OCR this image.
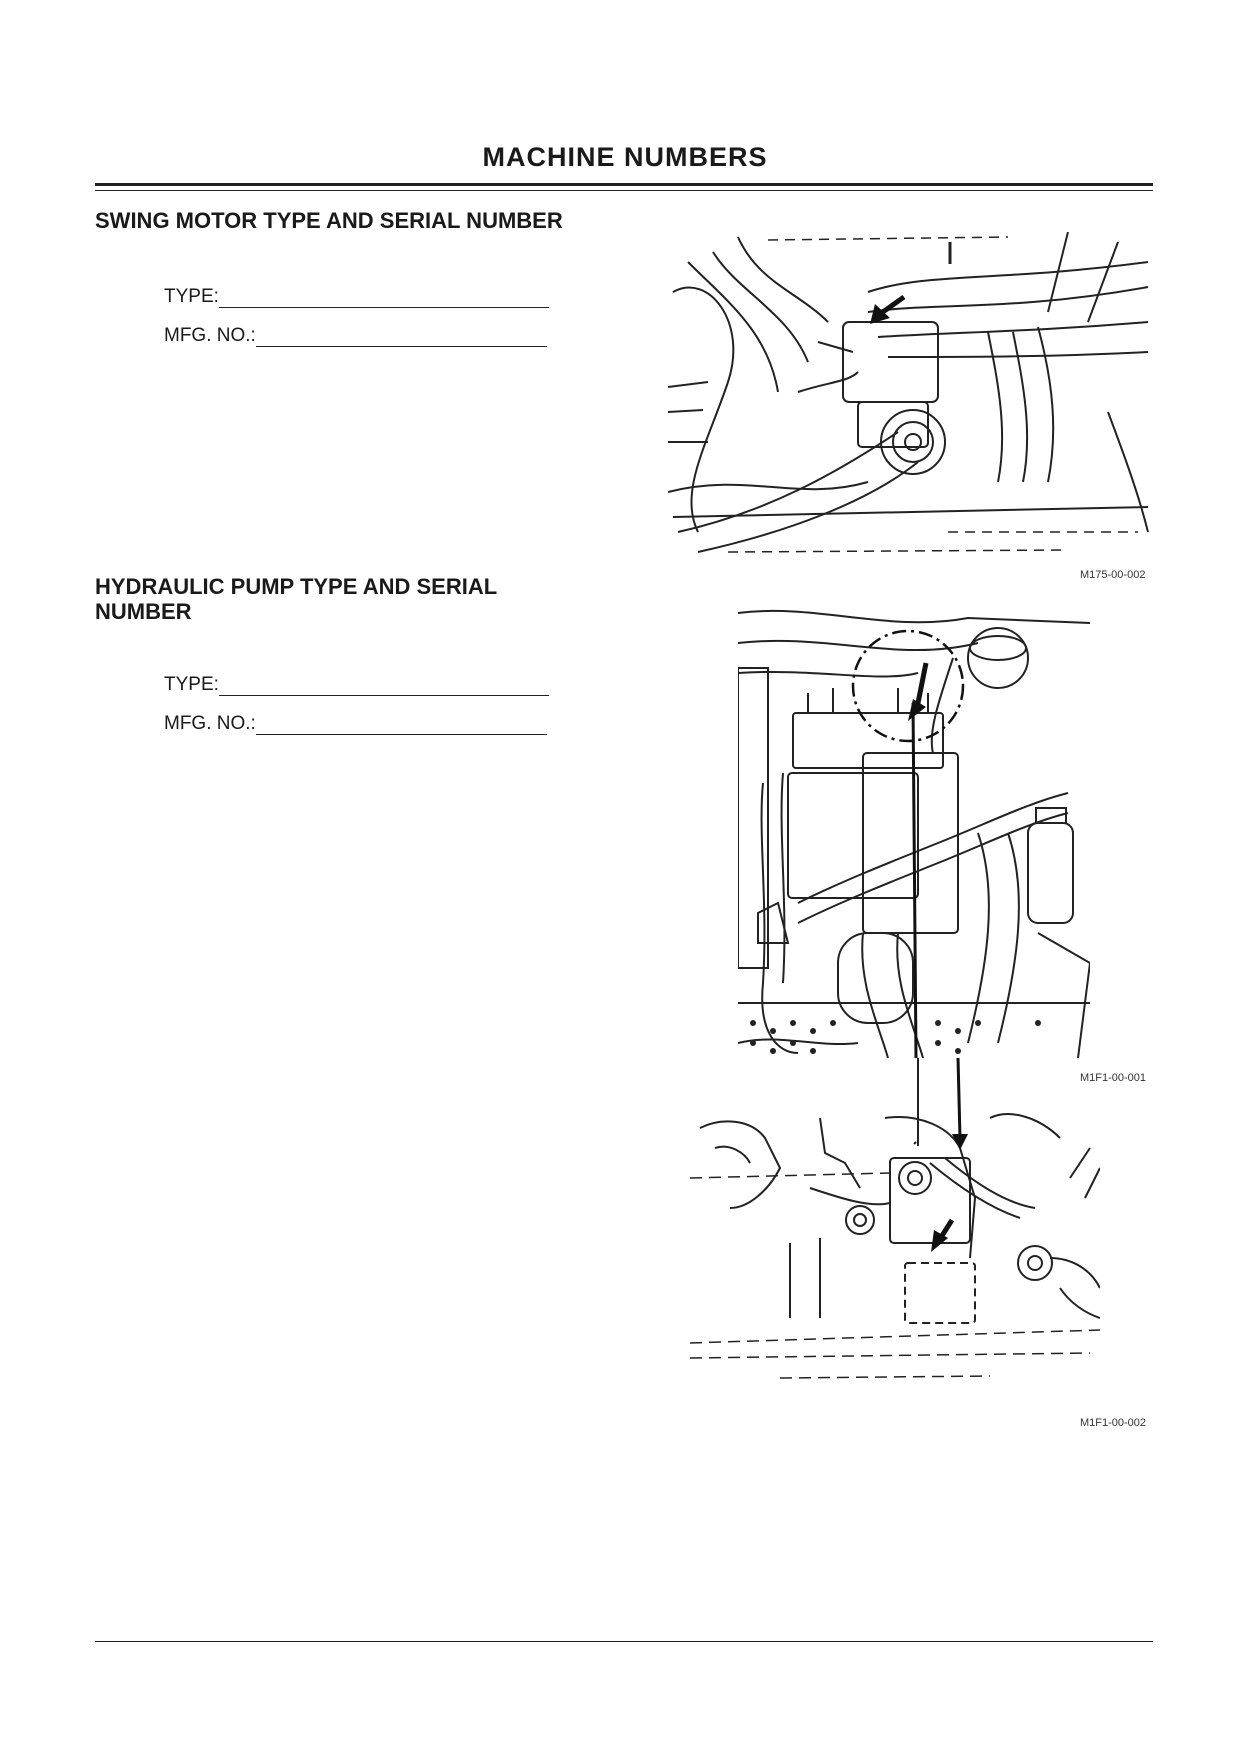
MACHINE NUMBERS
SWING MOTOR TYPE AND SERIAL NUMBER
TYPE:
MFG. NO.:
M175-00-002
HYDRAULIC PUMP TYPE AND SERIAL
NUMBER
TYPE:
MFG. NO.:
M1F1-00-001
M1F1-00-002
